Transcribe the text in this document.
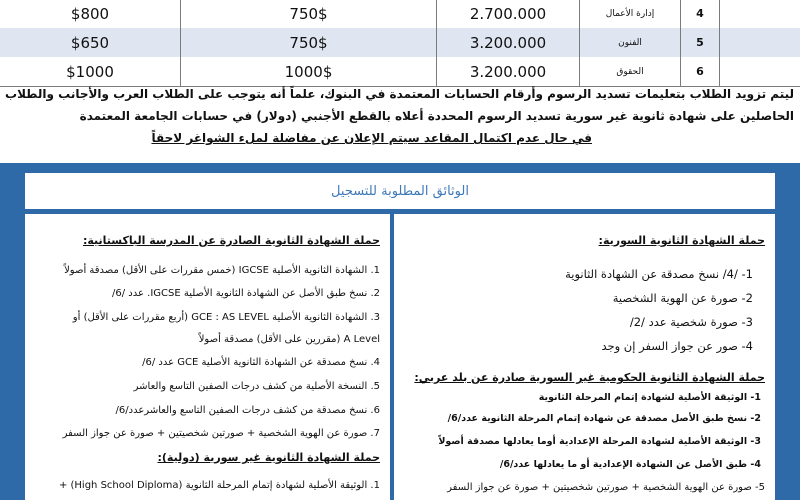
$800	750$	2.700.000	إدارة الأعمال	4
$650	750$	3.200.000	الفنون	5
$1000	1000$	3.200.000	الحقوق	6
ليتم تزويد الطلاب بتعليمات تسديد الرسوم وأرقام الحسابات المعتمدة في البنوك، علماً أنه يتوجب على الطلاب العرب والأجانب والطلاب
الحاصلين على شهادة ثانوية غير سورية تسديد الرسوم المحددة أعلاه بالقطع الأجنبي (دولار) في حسابات الجامعة المعتمدة
في حال عدم اكتمال المقاعد سيتم الإعلان عن مفاضلة لملء الشواغر لاحقاً
الوثائق المطلوبة للتسجيل
حملة الشهادة الثانوية السورية:
1- /4/ نسخ مصدقة عن الشهادة الثانوية
2- صورة عن الهوية الشخصية
3- صورة شخصية عدد /2/
4- صور عن جواز السفر إن وجد
حملة الشهادة الثانوية الحكومية غير السورية صادرة عن بلد عربي:
1- الوثيقة الأصلية لشهادة إتمام المرحلة الثانوية
2- نسخ طبق الأصل مصدقة عن شهادة إتمام المرحلة الثانوية عدد/6/
3- الوثيقة الأصلية لشهادة المرحلة الإعدادية أوما يعادلها مصدقة أصولاً
4- طبق الأصل عن الشهادة الإعدادية أو ما يعادلها عدد/6/
5- صورة عن الهوية الشخصية + صورتين شخصيتين + صورة عن جواز السفر
حملة الشهادة الثانوية الصادرة عن المدرسة الباكستانية:
1. الشهادة الثانوية الأصلية IGCSE (خمس مقررات على الأقل) مصدقة أصولاً
2. نسخ طبق الأصل عن الشهادة الثانوية الأصلية IGCSE. عدد /6/
3. الشهادة الثانوية الأصلية GCE : AS LEVEL (أربع مقررات على الأقل) أو
A Level (مقررين على الأقل) مصدقة أصولاً
4. نسخ مصدقة عن الشهادة الثانوية الأصلية GCE عدد /6/
5. النسخة الأصلية من كشف درجات الصفين التاسع والعاشر
6. نسخ مصدقة من كشف درجات الصفين التاسع والعاشرعدد/6/
7. صورة عن الهوية الشخصية + صورتين شخصيتين + صورة عن جواز السفر
حملة الشهادة الثانوية غير سورية (دولية):
1. الوثيقة الأصلية لشهادة إتمام المرحلة الثانوية (High School Diploma) +
